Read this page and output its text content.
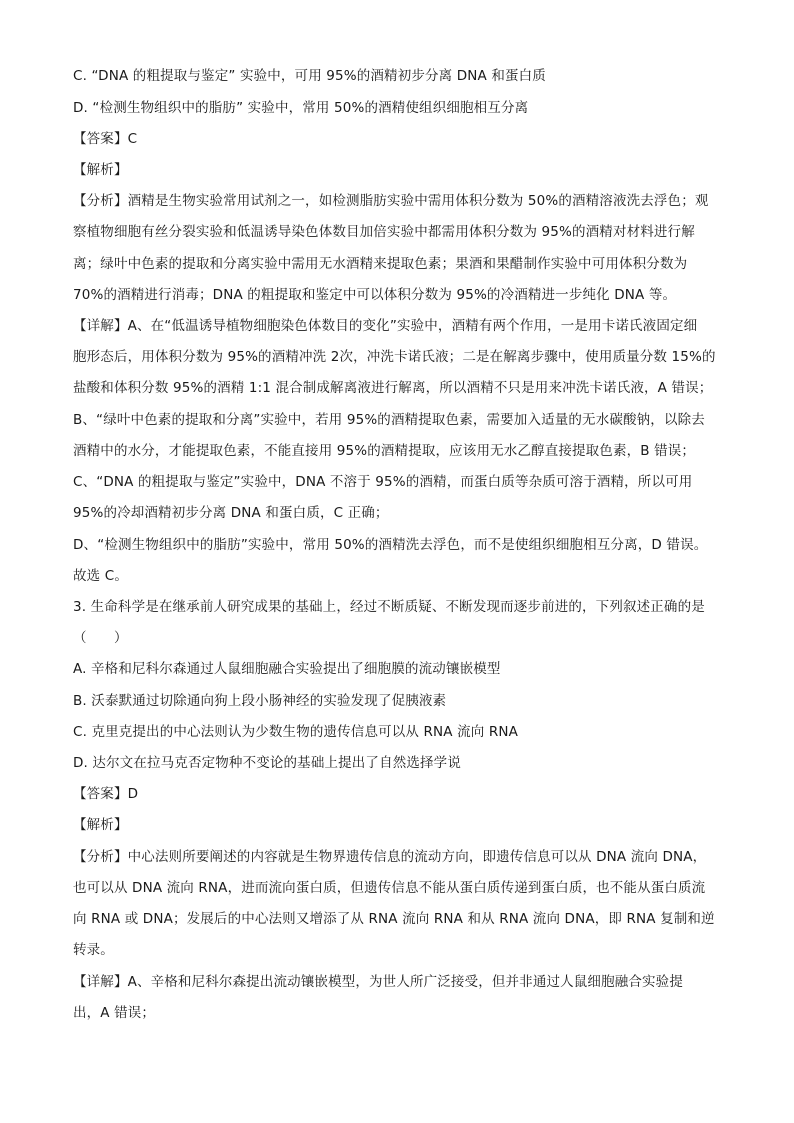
C. “DNA 的粗提取与鉴定” 实验中，可用 95%的酒精初步分离 DNA 和蛋白质
D. “检测生物组织中的脂肪” 实验中，常用 50%的酒精使组织细胞相互分离
【答案】C
【解析】
【分析】酒精是生物实验常用试剂之一，如检测脂肪实验中需用体积分数为 50%的酒精溶液洗去浮色；观
察植物细胞有丝分裂实验和低温诱导染色体数目加倍实验中都需用体积分数为 95%的酒精对材料进行解
离；绿叶中色素的提取和分离实验中需用无水酒精来提取色素；果酒和果醋制作实验中可用体积分数为
70%的酒精进行消毒；DNA 的粗提取和鉴定中可以体积分数为 95%的冷酒精进一步纯化 DNA 等。
【详解】A、在“低温诱导植物细胞染色体数目的变化”实验中，酒精有两个作用，一是用卡诺氏液固定细
胞形态后，用体积分数为 95%的酒精冲洗 2次，冲洗卡诺氏液；二是在解离步骤中，使用质量分数 15%的
盐酸和体积分数 95%的酒精 1:1 混合制成解离液进行解离，所以酒精不只是用来冲洗卡诺氏液，A 错误；
B、“绿叶中色素的提取和分离”实验中，若用 95%的酒精提取色素，需要加入适量的无水碳酸钠，以除去
酒精中的水分，才能提取色素，不能直接用 95%的酒精提取，应该用无水乙醇直接提取色素，B 错误；
C、“DNA 的粗提取与鉴定”实验中，DNA 不溶于 95%的酒精，而蛋白质等杂质可溶于酒精，所以可用
95%的冷却酒精初步分离 DNA 和蛋白质，C 正确；
D、“检测生物组织中的脂肪”实验中，常用 50%的酒精洗去浮色，而不是使组织细胞相互分离，D 错误。
故选 C。
3. 生命科学是在继承前人研究成果的基础上，经过不断质疑、不断发现而逐步前进的，下列叙述正确的是
（　　）
A. 辛格和尼科尔森通过人鼠细胞融合实验提出了细胞膜的流动镶嵌模型
B. 沃泰默通过切除通向狗上段小肠神经的实验发现了促胰液素
C. 克里克提出的中心法则认为少数生物的遗传信息可以从 RNA 流向 RNA
D. 达尔文在拉马克否定物种不变论的基础上提出了自然选择学说
【答案】D
【解析】
【分析】中心法则所要阐述的内容就是生物界遗传信息的流动方向，即遗传信息可以从 DNA 流向 DNA，
也可以从 DNA 流向 RNA，进而流向蛋白质，但遗传信息不能从蛋白质传递到蛋白质，也不能从蛋白质流
向 RNA 或 DNA；发展后的中心法则又增添了从 RNA 流向 RNA 和从 RNA 流向 DNA，即 RNA 复制和逆
转录。
【详解】A、辛格和尼科尔森提出流动镶嵌模型，为世人所广泛接受，但并非通过人鼠细胞融合实验提
出，A 错误；
